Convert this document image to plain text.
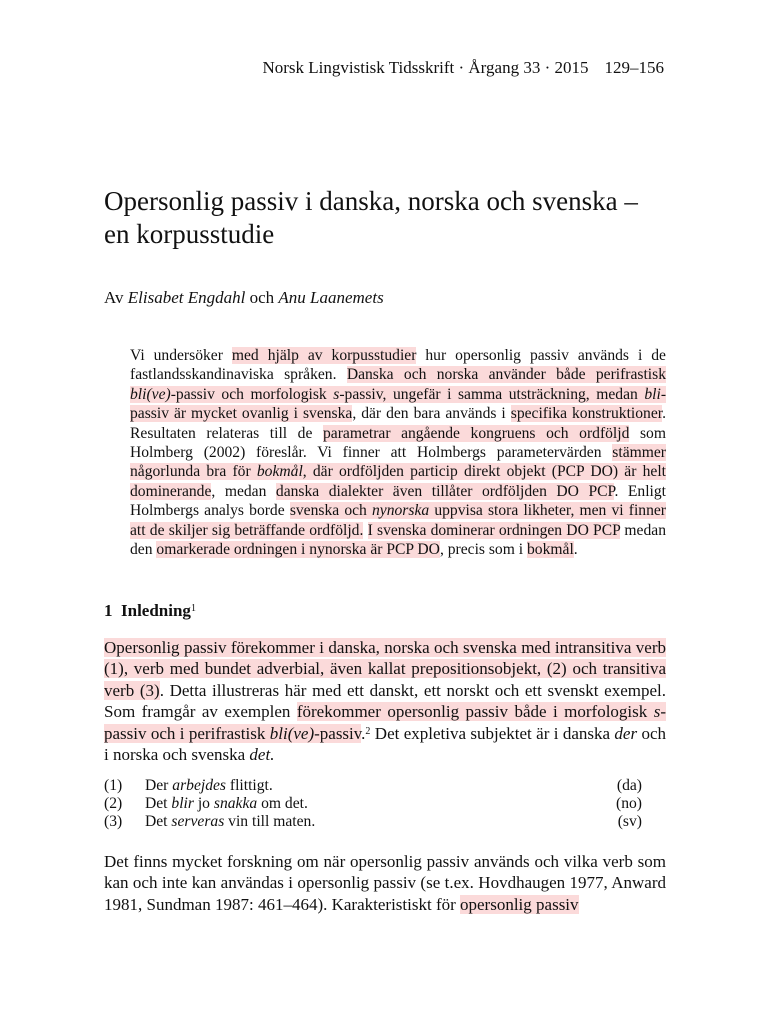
Norsk Lingvistisk Tidsskrift · Årgang 33 · 2015 129–156
Opersonlig passiv i danska, norska och svenska –
en korpusstudie
Av Elisabet Engdahl och Anu Laanemets

Vi undersöker med hjälp av korpusstudier hur opersonlig passiv används i de fastlandsskandinaviska språken. Danska och norska använder både perifrastisk bli(ve)-passiv och morfologisk s-passiv, ungefär i samma utsträckning, medan bli-passiv är mycket ovanlig i svenska, där den bara används i specifika konstruktioner. Resultaten relateras till de parametrar angående kongruens och ordföljd som Holmberg (2002) föreslår. Vi finner att Holmbergs parametervärden stämmer någorlunda bra för bokmål, där ordföljden particip direkt objekt (PCP DO) är helt dominerande, medan danska dialekter även tillåter ordföljden DO PCP. Enligt Holmbergs analys borde svenska och nynorska uppvisa stora likheter, men vi finner att de skiljer sig beträffande ordföljd. I svenska dominerar ordningen DO PCP medan den omarkerade ordningen i nynorska är PCP DO, precis som i bokmål.

1 Inledning$^1$

Opersonlig passiv förekommer i danska, norska och svenska med intransitiva verb (1), verb med bundet adverbial, även kallat prepositionsobjekt, (2) och transitiva verb (3). Detta illustreras här med ett danskt, ett norskt och ett svenskt exempel. Som framgår av exemplen förekommer opersonlig passiv både i morfologisk s-passiv och i perifrastisk bli(ve)-passiv.$^2$ Det expletiva subjektet är i danska der och i norska och svenska det.

(1)	Der arbejdes flittigt.	(da)
(2)	Det blir jo snakka om det.	(no)
(3)	Det serveras vin till maten.	(sv)

Det finns mycket forskning om när opersonlig passiv används och vilka verb som kan och inte kan användas i opersonlig passiv (se t.ex. Hovdhaugen 1977, Anward 1981, Sundman 1987: 461–464). Karakteristiskt för opersonlig passiv
